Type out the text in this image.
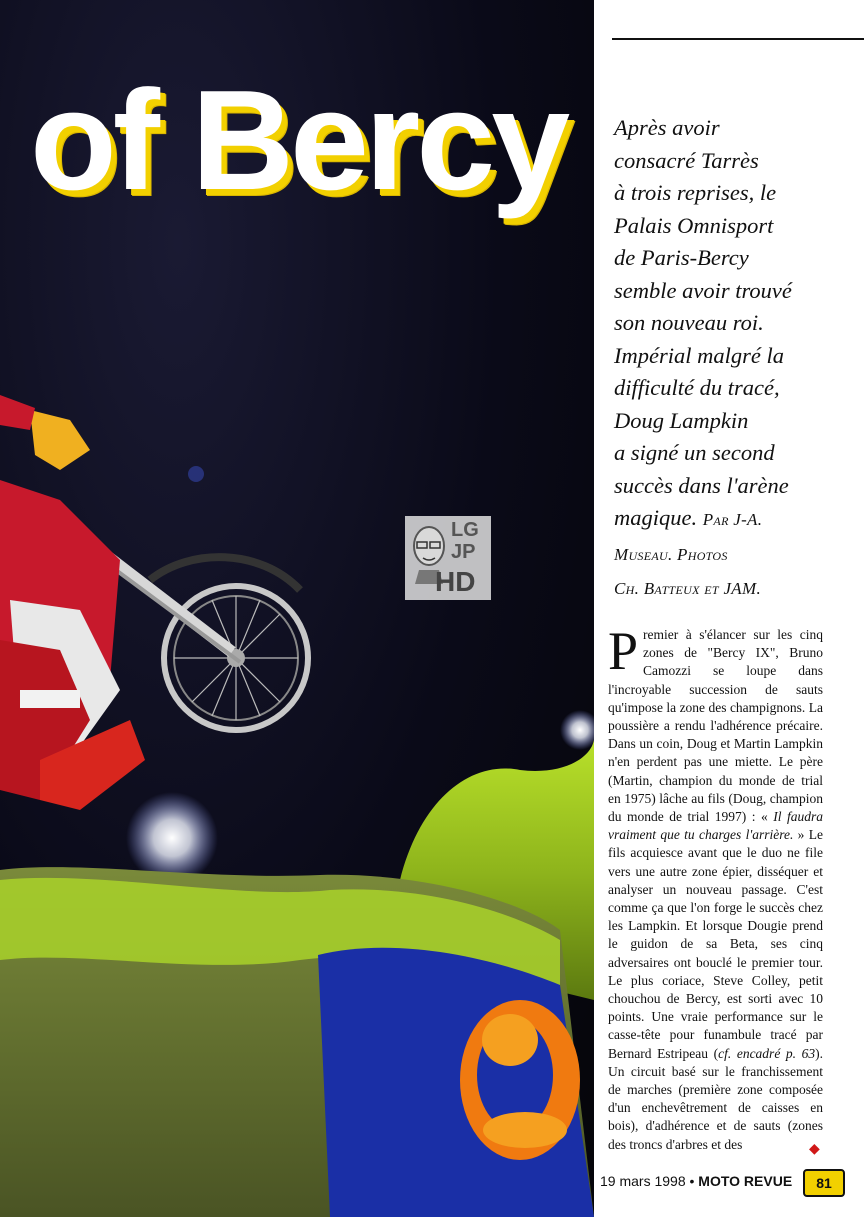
of Bercy Après avoir
consacré Tarrès
à trois reprises, le
Palais Omnisport
de Paris-Bercy
semble avoir trouvé
son nouveau roi.
Impérial malgré la
difficulté du tracé,
Doug Lampkin
a signé un second
succès dans l'arène
magique. Par J-A.
Museau. Photos
Ch. Batteux et JAM.
LG
JP
HD
Premier à s'élancer sur les cinq zones de "Bercy IX", Bruno Camozzi se loupe dans l'incroyable succession de sauts qu'impose la zone des champignons. La poussière a rendu l'adhérence précaire. Dans un coin, Doug et Martin Lampkin n'en perdent pas une miette. Le père (Martin, champion du monde de trial en 1975) lâche au fils (Doug, champion du monde de trial 1997) : « Il faudra vraiment que tu charges l'arrière. » Le fils acquiesce avant que le duo ne file vers une autre zone épier, disséquer et analyser un nouveau passage. C'est comme ça que l'on forge le succès chez les Lampkin. Et lorsque Dougie prend le guidon de sa Beta, ses cinq adversaires ont bouclé le premier tour. Le plus coriace, Steve Colley, petit chouchou de Bercy, est sorti avec 10 points. Une vraie performance sur le casse-tête pour funambule tracé par Bernard Estripeau (cf. encadré p. 63). Un circuit basé sur le franchissement de marches (première zone composée d'un enchevêtrement de caisses en bois), d'adhérence et de sauts (zones des troncs d'arbres et des	◆
19 mars 1998 • MOTO REVUE	81
